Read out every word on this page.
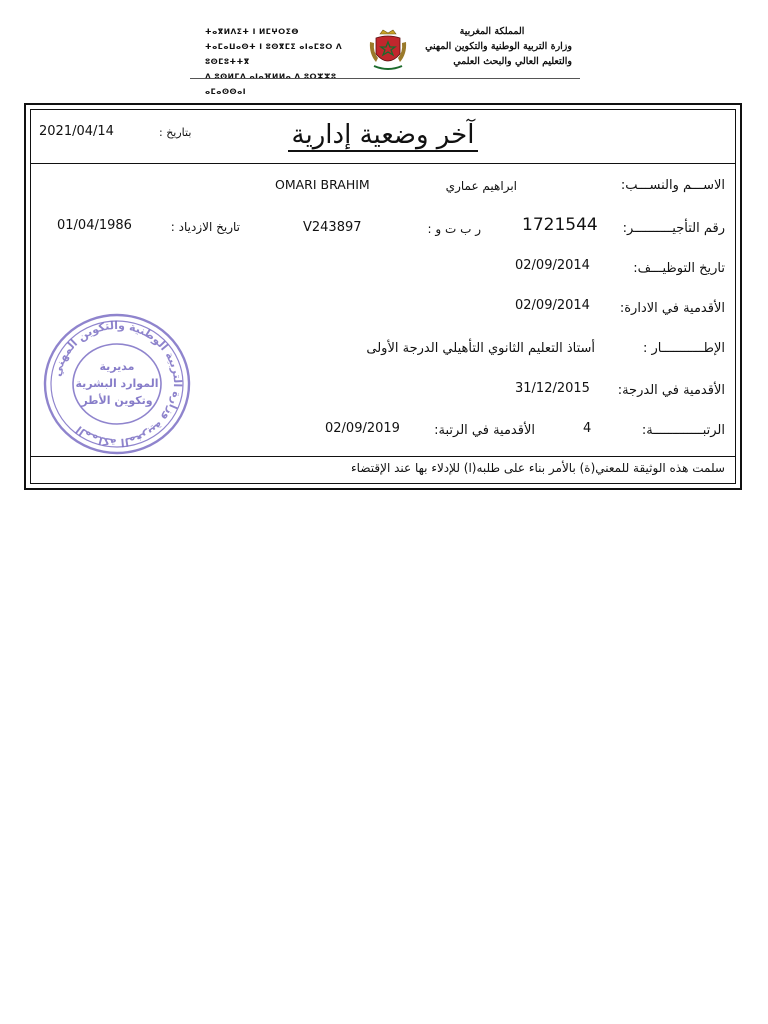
ⵜⴰⴳⵍⴷⵉⵜ ⵏ ⵍⵎⵖⵔⵉⴱ
ⵜⴰⵎⴰⵡⴰⵙⵜ ⵏ ⵓⵙⴳⵎⵉ ⴰⵏⴰⵎⵓⵔ ⴷ ⵓⵙⵎⵓⵜⵜⴳ
ⴷ ⵓⵙⵍⵎⴷ ⴰⵏⴰⴼⵍⵍⴰ ⴷ ⵓⵔⵣⵣⵓ ⴰⵎⴰⵙⵙⴰⵏ
المملكة المغربية
وزارة التربية الوطنية والتكوين المهني
والتعليم العالي والبحث العلمي
آخر وضعية إدارية
بتاريخ :
2021/04/14
الاســـم والنســـب:
ابراهيم عماري
OMARI BRAHIM
رقم التأجيــــــــــر:
1721544
ر ب ت و :
V243897
تاريخ الازدياد :
01/04/1986
تاريخ التوظيـــف:
02/09/2014
الأقدمية في الادارة:
02/09/2014
الإطـــــــــــار :
أستاذ التعليم الثانوي التأهيلي الدرجة الأولى
الأقدمية في الدرجة:
31/12/2015
الرتبـــــــــــــة:
4
الأقدمية في الرتبة:
02/09/2019
سلمت هذه الوثيقة للمعني(ة) بالأمر بناء على طلبه(ا) للإدلاء بها عند الإقتضاء
المملكة المغربية وزارة التربية الوطنية والتكوين المهني
مديرية
الموارد البشرية
وتكوين الأطر
